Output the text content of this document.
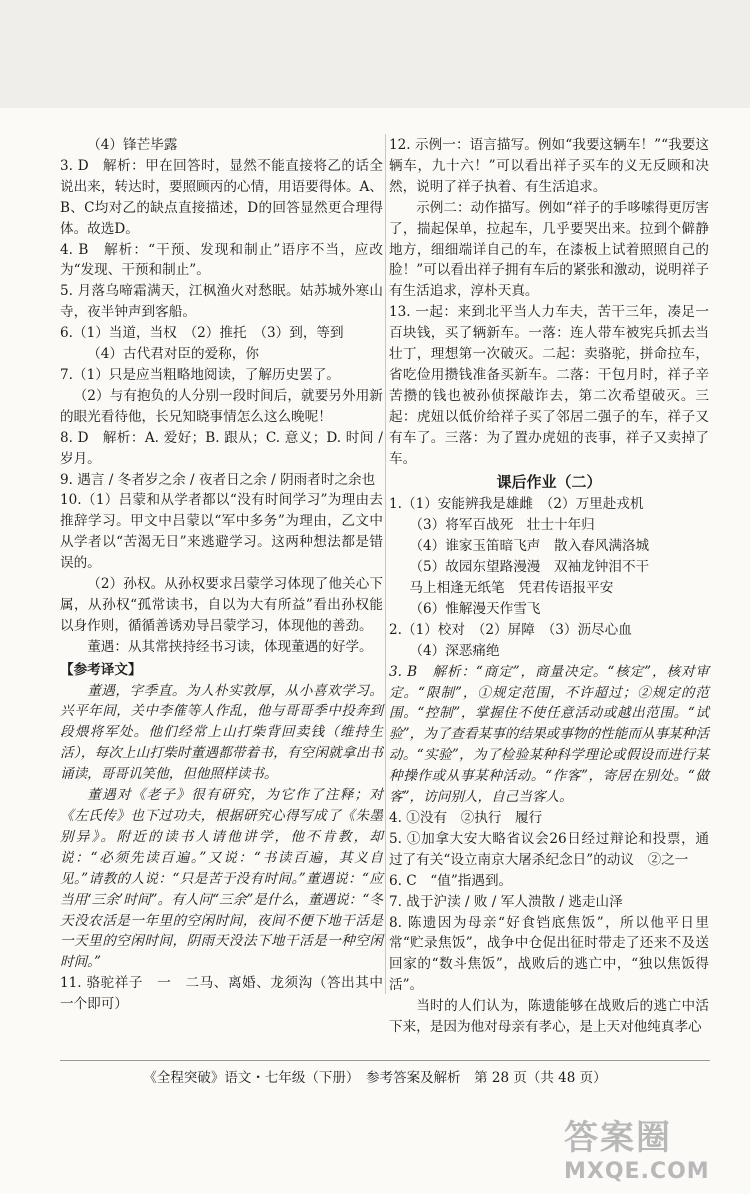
（4）锋芒毕露

3. D　解析：甲在回答时，显然不能直接将乙的话全说出来，转达时，要照顾丙的心情，用语要得体。A、B、C均对乙的缺点直接描述，D的回答显然更合理得体。故选D。

4. B　解析：“干预、发现和制止”语序不当，应改为“发现、干预和制止”。

5. 月落乌啼霜满天，江枫渔火对愁眠。姑苏城外寒山寺，夜半钟声到客船。

6.（1）当道，当权　（2）推托　（3）到，等到

（4）古代君对臣的爱称，你

7.（1）只是应当粗略地阅读，了解历史罢了。

（2）与有抱负的人分别一段时间后，就要另外用新的眼光看待他，长兄知晓事情怎么这么晚呢！

8. D　解析：A. 爱好；B. 跟从；C. 意义；D. 时间 / 岁月。

9. 遇言 / 冬者岁之余 / 夜者日之余 / 阴雨者时之余也

10.（1）吕蒙和从学者都以“没有时间学习”为理由去推辞学习。甲文中吕蒙以“军中多务”为理由，乙文中从学者以“苦渴无日”来逃避学习。这两种想法都是错误的。

（2）孙权。从孙权要求吕蒙学习体现了他关心下属，从孙权“孤常读书，自以为大有所益”看出孙权能以身作则，循循善诱劝导吕蒙学习，体现他的善劲。

董遇：从其常挟持经书习读，体现董遇的好学。

【参考译文】

董遇，字季直。为人朴实敦厚，从小喜欢学习。兴平年间，关中李傕等人作乱，他与哥哥季中投奔到段煨将军处。他们经常上山打柴背回卖钱（维持生活），每次上山打柴时董遇都带着书，有空闲就拿出书诵读，哥哥讥笑他，但他照样读书。

董遇对《老子》很有研究，为它作了注释；对《左氏传》也下过功夫，根据研究心得写成了《朱墨别异》。附近的读书人请他讲学，他不肯教，却说：“必须先读百遍。”又说：“书读百遍，其义自见。”请教的人说：“只是苦于没有时间。”董遇说：“应当用‘三余’时间”。有人问“三余”是什么，董遇说：“冬天没农活是一年里的空闲时间，夜间不便下地干活是一天里的空闲时间，阴雨天没法下地干活是一种空闲时间。”

11. 骆驼祥子　一　二马、离婚、龙须沟（答出其中一个即可）

12. 示例一：语言描写。例如“我要这辆车！”“我要这辆车，九十六！”可以看出祥子买车的义无反顾和决然，说明了祥子执着、有生活追求。

示例二：动作描写。例如“祥子的手哆嗦得更厉害了，揣起保单，拉起车，几乎要哭出来。拉到个僻静地方，细细端详自己的车，在漆板上试着照照自己的脸！”可以看出祥子拥有车后的紧张和激动，说明祥子有生活追求，淳朴天真。

13. 一起：来到北平当人力车夫，苦干三年，凑足一百块钱，买了辆新车。一落：连人带车被宪兵抓去当壮丁，理想第一次破灭。二起：卖骆驼，拼命拉车，省吃俭用攒钱准备买新车。二落：干包月时，祥子辛苦攒的钱也被孙侦探敲诈去，第二次希望破灭。三起：虎妞以低价给祥子买了邻居二强子的车，祥子又有车了。三落：为了置办虎妞的丧事，祥子又卖掉了车。

课后作业（二）

1.（1）安能辨我是雄雌　（2）万里赴戎机

（3）将军百战死　壮士十年归

（4）谁家玉笛暗飞声　散入春风满洛城

（5）故园东望路漫漫　双袖龙钟泪不干

马上相逢无纸笔　凭君传语报平安

（6）惟解漫天作雪飞

2.（1）校对　（2）屏障　（3）沥尽心血

（4）深恶痛绝

3. B　解析：“商定”，商量决定。“核定”，核对审定。“限制”，①规定范围，不许超过；②规定的范围。“控制”，掌握住不使任意活动或越出范围。“试验”，为了查看某事的结果或事物的性能而从事某种活动。“实验”，为了检验某种科学理论或假设而进行某种操作或从事某种活动。“作客”，寄居在别处。“做客”，访问别人，自己当客人。

4. ①没有　②执行　履行

5. ①加拿大安大略省议会26日经过辩论和投票，通过了有关“设立南京大屠杀纪念日”的动议　②之一

6. C　“值”指遇到。

7. 战于沪渎 / 败 / 军人溃散 / 逃走山泽

8. 陈遗因为母亲“好食铛底焦饭”，所以他平日里常“贮录焦饭”，战争中仓促出征时带走了还来不及送回家的“数斗焦饭”，战败后的逃亡中，“独以焦饭得活”。

当时的人们认为，陈遗能够在战败后的逃亡中活下来，是因为他对母亲有孝心，是上天对他纯真孝心

《全程突破》语文・七年级（下册）　参考答案及解析　第 28 页（共 48 页）
答案圈
MXQE.COM
